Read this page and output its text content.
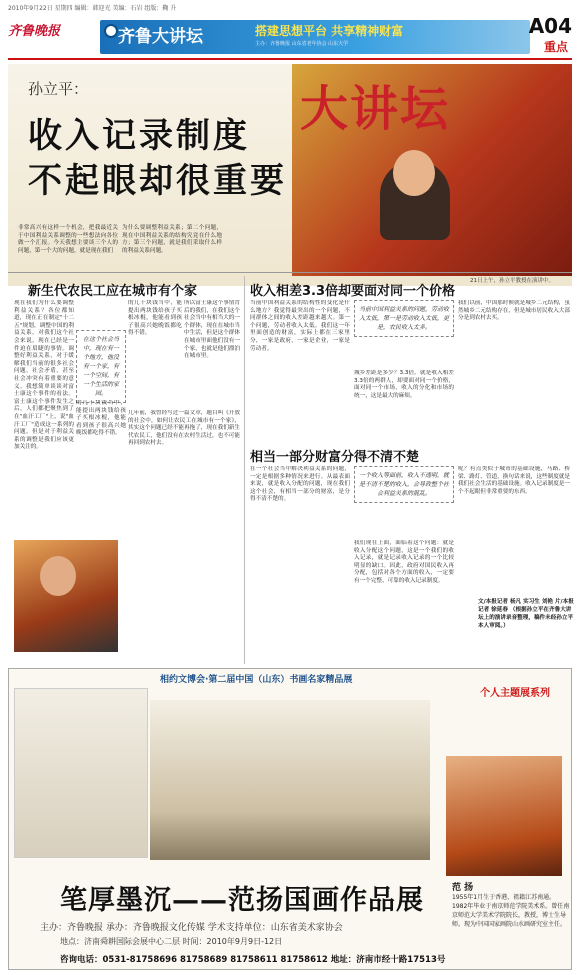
2010年9月22日 星期四 编辑：韩迎光 美编：石岩 组版：鞠 升
齐鲁晚报	齐鲁大讲坛	搭建思想平台 共享精神财富
主办：齐鲁晚报 山东省老年协会 山东大学
A04
重点
大讲坛
孙立平：
收入记录制度
不起眼却很重要
21日上午，孙立平教授在演讲中。
非常高兴有这样一个机会，把我最近关于中国利益关系调整的一些想法向各位做一个汇报。今天我想主要谈三个人的问题，第一个大的问题，就是现在我们
为什么要调整利益关系；第二个问题，现在中国利益关系的结构究竟在什么地方；第三个问题，就是我们采取什么样的利益关系问题。
新生代农民工应在城市有个家	收入相差3.3倍却要面对同一个价格
相当一部分财富分得不清不楚
现在我们为什么要调整利益关系？各位都知道，现在正在制定"十二五"规划，调整中国的利益关系，对我们这个社会来说，现在已经是一件迫在眉睫的事情。调整好利益关系，对于缓解我们当前的很多社会问题，社会矛盾，甚至社会冲突有着重要的意义。我想简单谈谈对富士康这个事件的看法。富士康这个事件发生之后，人们都把聚焦到了在"血汗工厂"上，说"血汗工厂"造成这一系列的问题，但是对于利益关系的调整是我们应该更加关注的。
的几十块钱当中，能提出两块钱给孩子买根冰棍，他能看到孩子很高兴她晚饭都吃得不错。
在这个社会当中，现在有一个地方，他没有一个家，有一个空间，有一个生活的家园。
所以富士康这个事情背后的我们，在我们这个社会当中有相当大的一个群体，现在在城市当中生活，但是这个群体在城市里面他们没有一个家，也就是他们漂泊在城市里。
几年前，我曾经写过一篇文章，题目叫《开放的社会中，如何让农民工在城市有一个家》，其实这个问题已经不能再拖了，现在我们新生代农民工，他们没有在农村生活过，也不可能再回到农村去。
的几十块钱当中，能提出两块钱给孩子买根冰棍，他能看到孩子很高兴她晚饭都吃得不错。
当前中国利益关系的结构性的变化是什么地方？我觉得最突出的一个问题，不同群体之间的收入差距越来越大。第一个问题，劳动者收入太低。我们这一年里面创造的财富，实际上都在三家里分，一家是政府，一家是企业，一家是劳动者。
当前中国利益关系的问题，劳动收入太低，第一是劳动收入太低，更是，农民收入太多。
城乡差距是多少？3.3倍。就是收入相差3.3倍的两群人，却要面对同一个价格，面对同一个市场，收入的分化和市场的统一，这是最大的麻烦。
我们以前，中国那时候就是城乡二元结构，虽然城乡二元结构存在，但是城市居民收入大部分是到农村去买。
在一个社会当中解决利益关系的问题，一定是根据多种情况来进行。从最表面来说，就是收入分配的问题，现在我们这个社会，有相当一部分的财富，是分得不清不楚的。
一个收入等面前，收入不透明，就是不清不楚的收入，会导致整个社会利益关系的混乱。
我们现在上面，面临着这个问题：就是收入分配这个问题，这是一个我们的收入记录，就是记录收入记录的一个比较明显的缺口。因此，政府对国民收入再分配，包括对各个方面的收入，一定要有一个完整、可靠的收入记录制度。
呢？有点类似于城市的基础设施，马路、桥梁、路灯、管道，换句话来说，这些制度就是我们社会生活的基础设施。收入记录制度是一个不起眼但非常重要的东西。
文/本报记者 杨凡 实习生 刘艳 片/本报记者 徐延春 （根据孙立平在齐鲁大讲坛上的演讲录音整理，稿件未经孙立平本人审阅。）
相约文博会·第二届中国（山东）书画名家精品展
个人主题展系列
范 扬
1955年1月生于香港，祖籍江苏南通。1982年毕业于南京师范学院美术系。曾任南京师范大学美术学院院长，教授，博士生导师。现为中国国家画院山水画研究室主任。
笔厚墨沉——范扬国画作品展
主办：齐鲁晚报 承办：齐鲁晚报文化传媒 学术支持单位：山东省美术家协会
地点：济南舜耕国际会展中心二层 时间：2010年9月9日-12日
咨询电话：0531-81758696 81758689 81758611 81758612 地址：济南市经十路17513号
